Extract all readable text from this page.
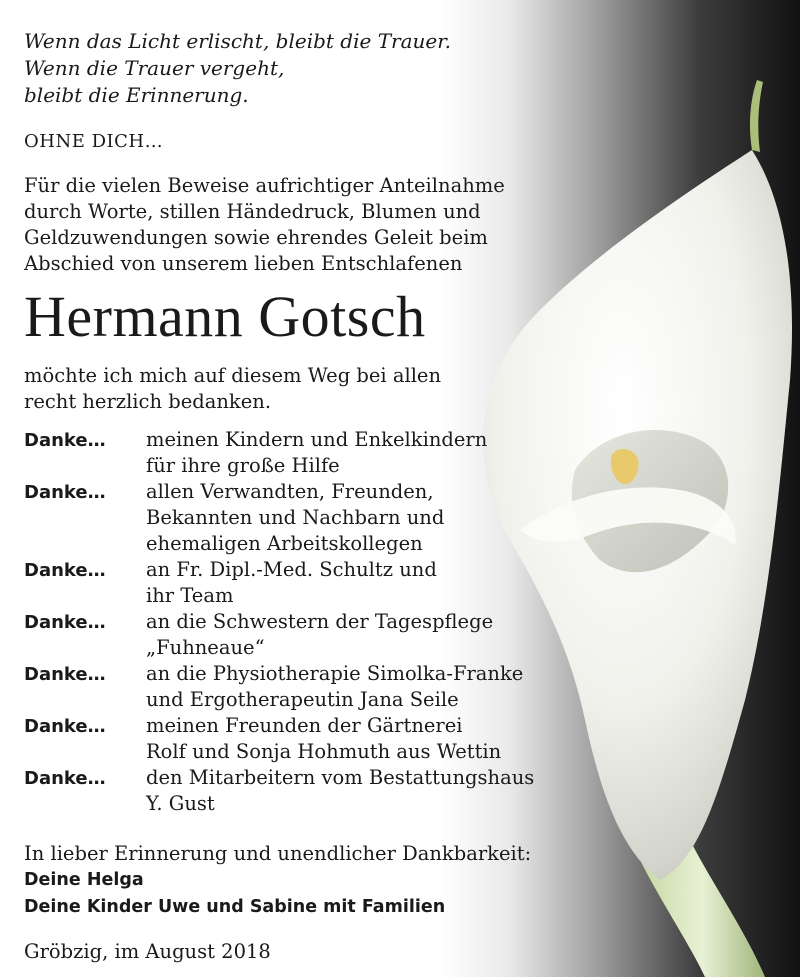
Wenn das Licht erlischt, bleibt die Trauer.
Wenn die Trauer vergeht,
bleibt die Erinnerung.
OHNE DICH…
Für die vielen Beweise aufrichtiger Anteilnahme
durch Worte, stillen Händedruck, Blumen und
Geldzuwendungen sowie ehrendes Geleit beim
Abschied von unserem lieben Entschlafenen
Hermann Gotsch
möchte ich mich auf diesem Weg bei allen
recht herzlich bedanken.
Danke…	meinen Kindern und Enkelkindern
für ihre große Hilfe
Danke…	allen Verwandten, Freunden,
Bekannten und Nachbarn und
ehemaligen Arbeitskollegen
Danke…	an Fr. Dipl.-Med. Schultz und
ihr Team
Danke…	an die Schwestern der Tagespflege
„Fuhneaue“
Danke…	an die Physiotherapie Simolka-Franke
und Ergotherapeutin Jana Seile
Danke…	meinen Freunden der Gärtnerei
Rolf und Sonja Hohmuth aus Wettin
Danke…	den Mitarbeitern vom Bestattungshaus
Y. Gust
In lieber Erinnerung und unendlicher Dankbarkeit:
Deine Helga
Deine Kinder Uwe und Sabine mit Familien
Gröbzig, im August 2018
